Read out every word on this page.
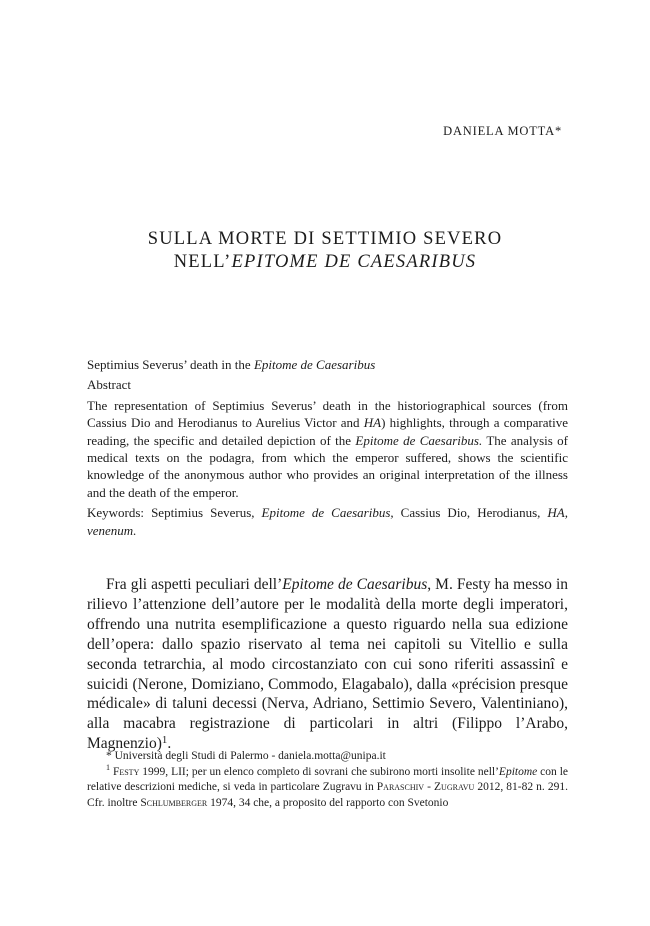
DANIELA MOTTA*
SULLA MORTE DI SETTIMIO SEVERO
NELL’EPITOME DE CAESARIBUS

Septimius Severus’ death in the Epitome de Caesaribus

Abstract

The representation of Septimius Severus’ death in the historiographical sources (from Cassius Dio and Herodianus to Aurelius Victor and HA) highlights, through a comparative reading, the specific and detailed depiction of the Epitome de Caesaribus. The analysis of medical texts on the podagra, from which the emperor suffered, shows the scientific knowledge of the anonymous author who provides an original interpretation of the illness and the death of the emperor.

Keywords: Septimius Severus, Epitome de Caesaribus, Cassius Dio, Herodianus, HA, venenum.

Fra gli aspetti peculiari dell’Epitome de Caesaribus, M. Festy ha messo in rilievo l’attenzione dell’autore per le modalità della morte degli imperatori, offrendo una nutrita esemplificazione a questo riguardo nella sua edizione dell’opera: dallo spazio riservato al tema nei capitoli su Vitellio e sulla seconda tetrarchia, al modo circostanziato con cui sono riferiti assassinî e suicidi (Nerone, Domiziano, Commodo, Elagabalo), dalla «précision presque médicale» di taluni decessi (Nerva, Adriano, Settimio Severo, Valentiniano), alla macabra registrazione di particolari in altri (Filippo l’Arabo, Magnenzio)$^1$.

* Università degli Studi di Palermo - daniela.motta@unipa.it

$^1$ Festy 1999, LII; per un elenco completo di sovrani che subirono morti insolite nell’Epitome con le relative descrizioni mediche, si veda in particolare Zugravu in Paraschiv - Zugravu 2012, 81-82 n. 291. Cfr. inoltre Schlumberger 1974, 34 che, a proposito del rapporto con Svetonio
